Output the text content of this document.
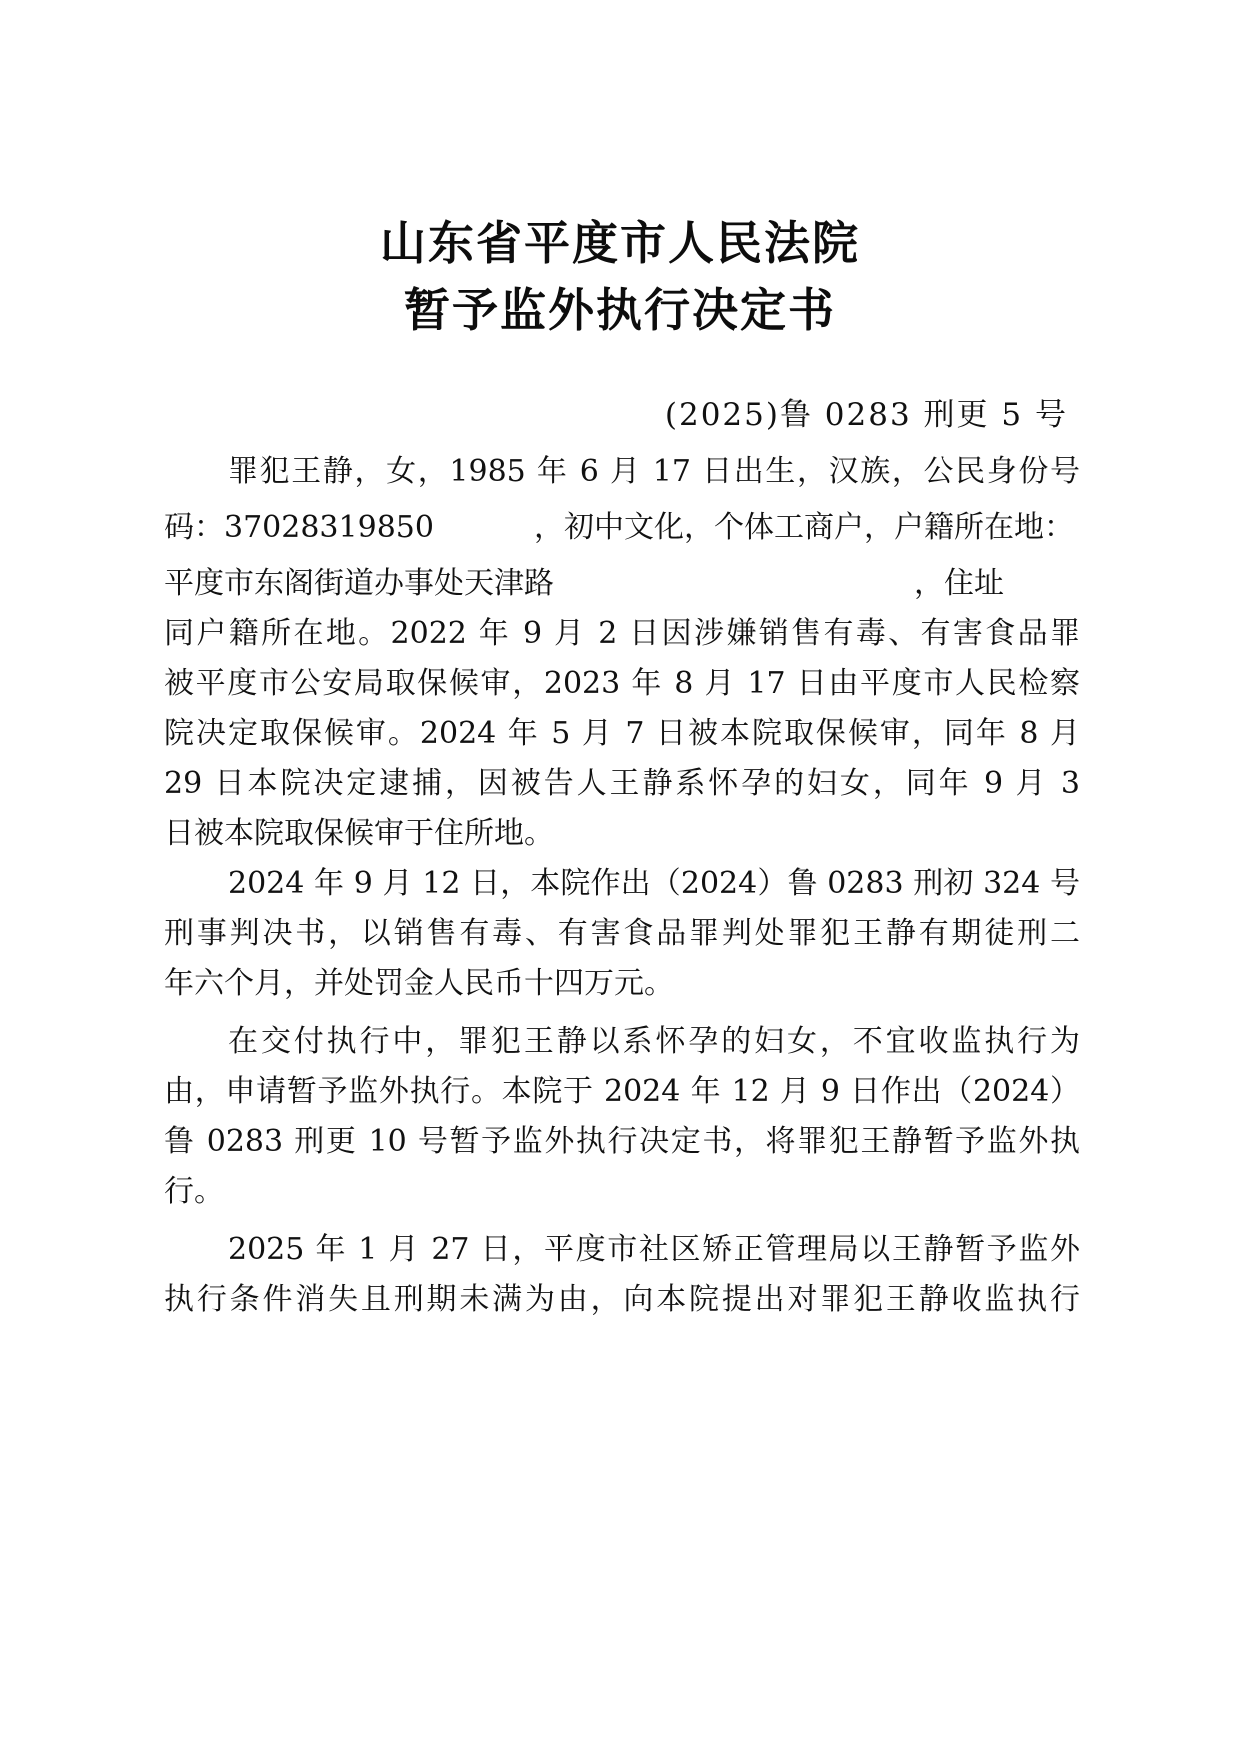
山东省平度市人民法院
暂予监外执行决定书
(2025)鲁 0283 刑更 5 号
罪犯王静，女，1985 年 6 月 17 日出生，汉族，公民身份号
码：37028319850	，初中文化，个体工商户，户籍所在地：
平度市东阁街道办事处天津路	，住址
同户籍所在地。2022 年 9 月 2 日因涉嫌销售有毒、有害食品罪
被平度市公安局取保候审，2023 年 8 月 17 日由平度市人民检察
院决定取保候审。2024 年 5 月 7 日被本院取保候审，同年 8 月
29 日本院决定逮捕，因被告人王静系怀孕的妇女，同年 9 月 3
日被本院取保候审于住所地。
2024 年 9 月 12 日，本院作出（2024）鲁 0283 刑初 324 号
刑事判决书，以销售有毒、有害食品罪判处罪犯王静有期徒刑二
年六个月，并处罚金人民币十四万元。
在交付执行中，罪犯王静以系怀孕的妇女，不宜收监执行为
由，申请暂予监外执行。本院于 2024 年 12 月 9 日作出（2024）
鲁 0283 刑更 10 号暂予监外执行决定书，将罪犯王静暂予监外执
行。
2025 年 1 月 27 日，平度市社区矫正管理局以王静暂予监外
执行条件消失且刑期未满为由，向本院提出对罪犯王静收监执行
